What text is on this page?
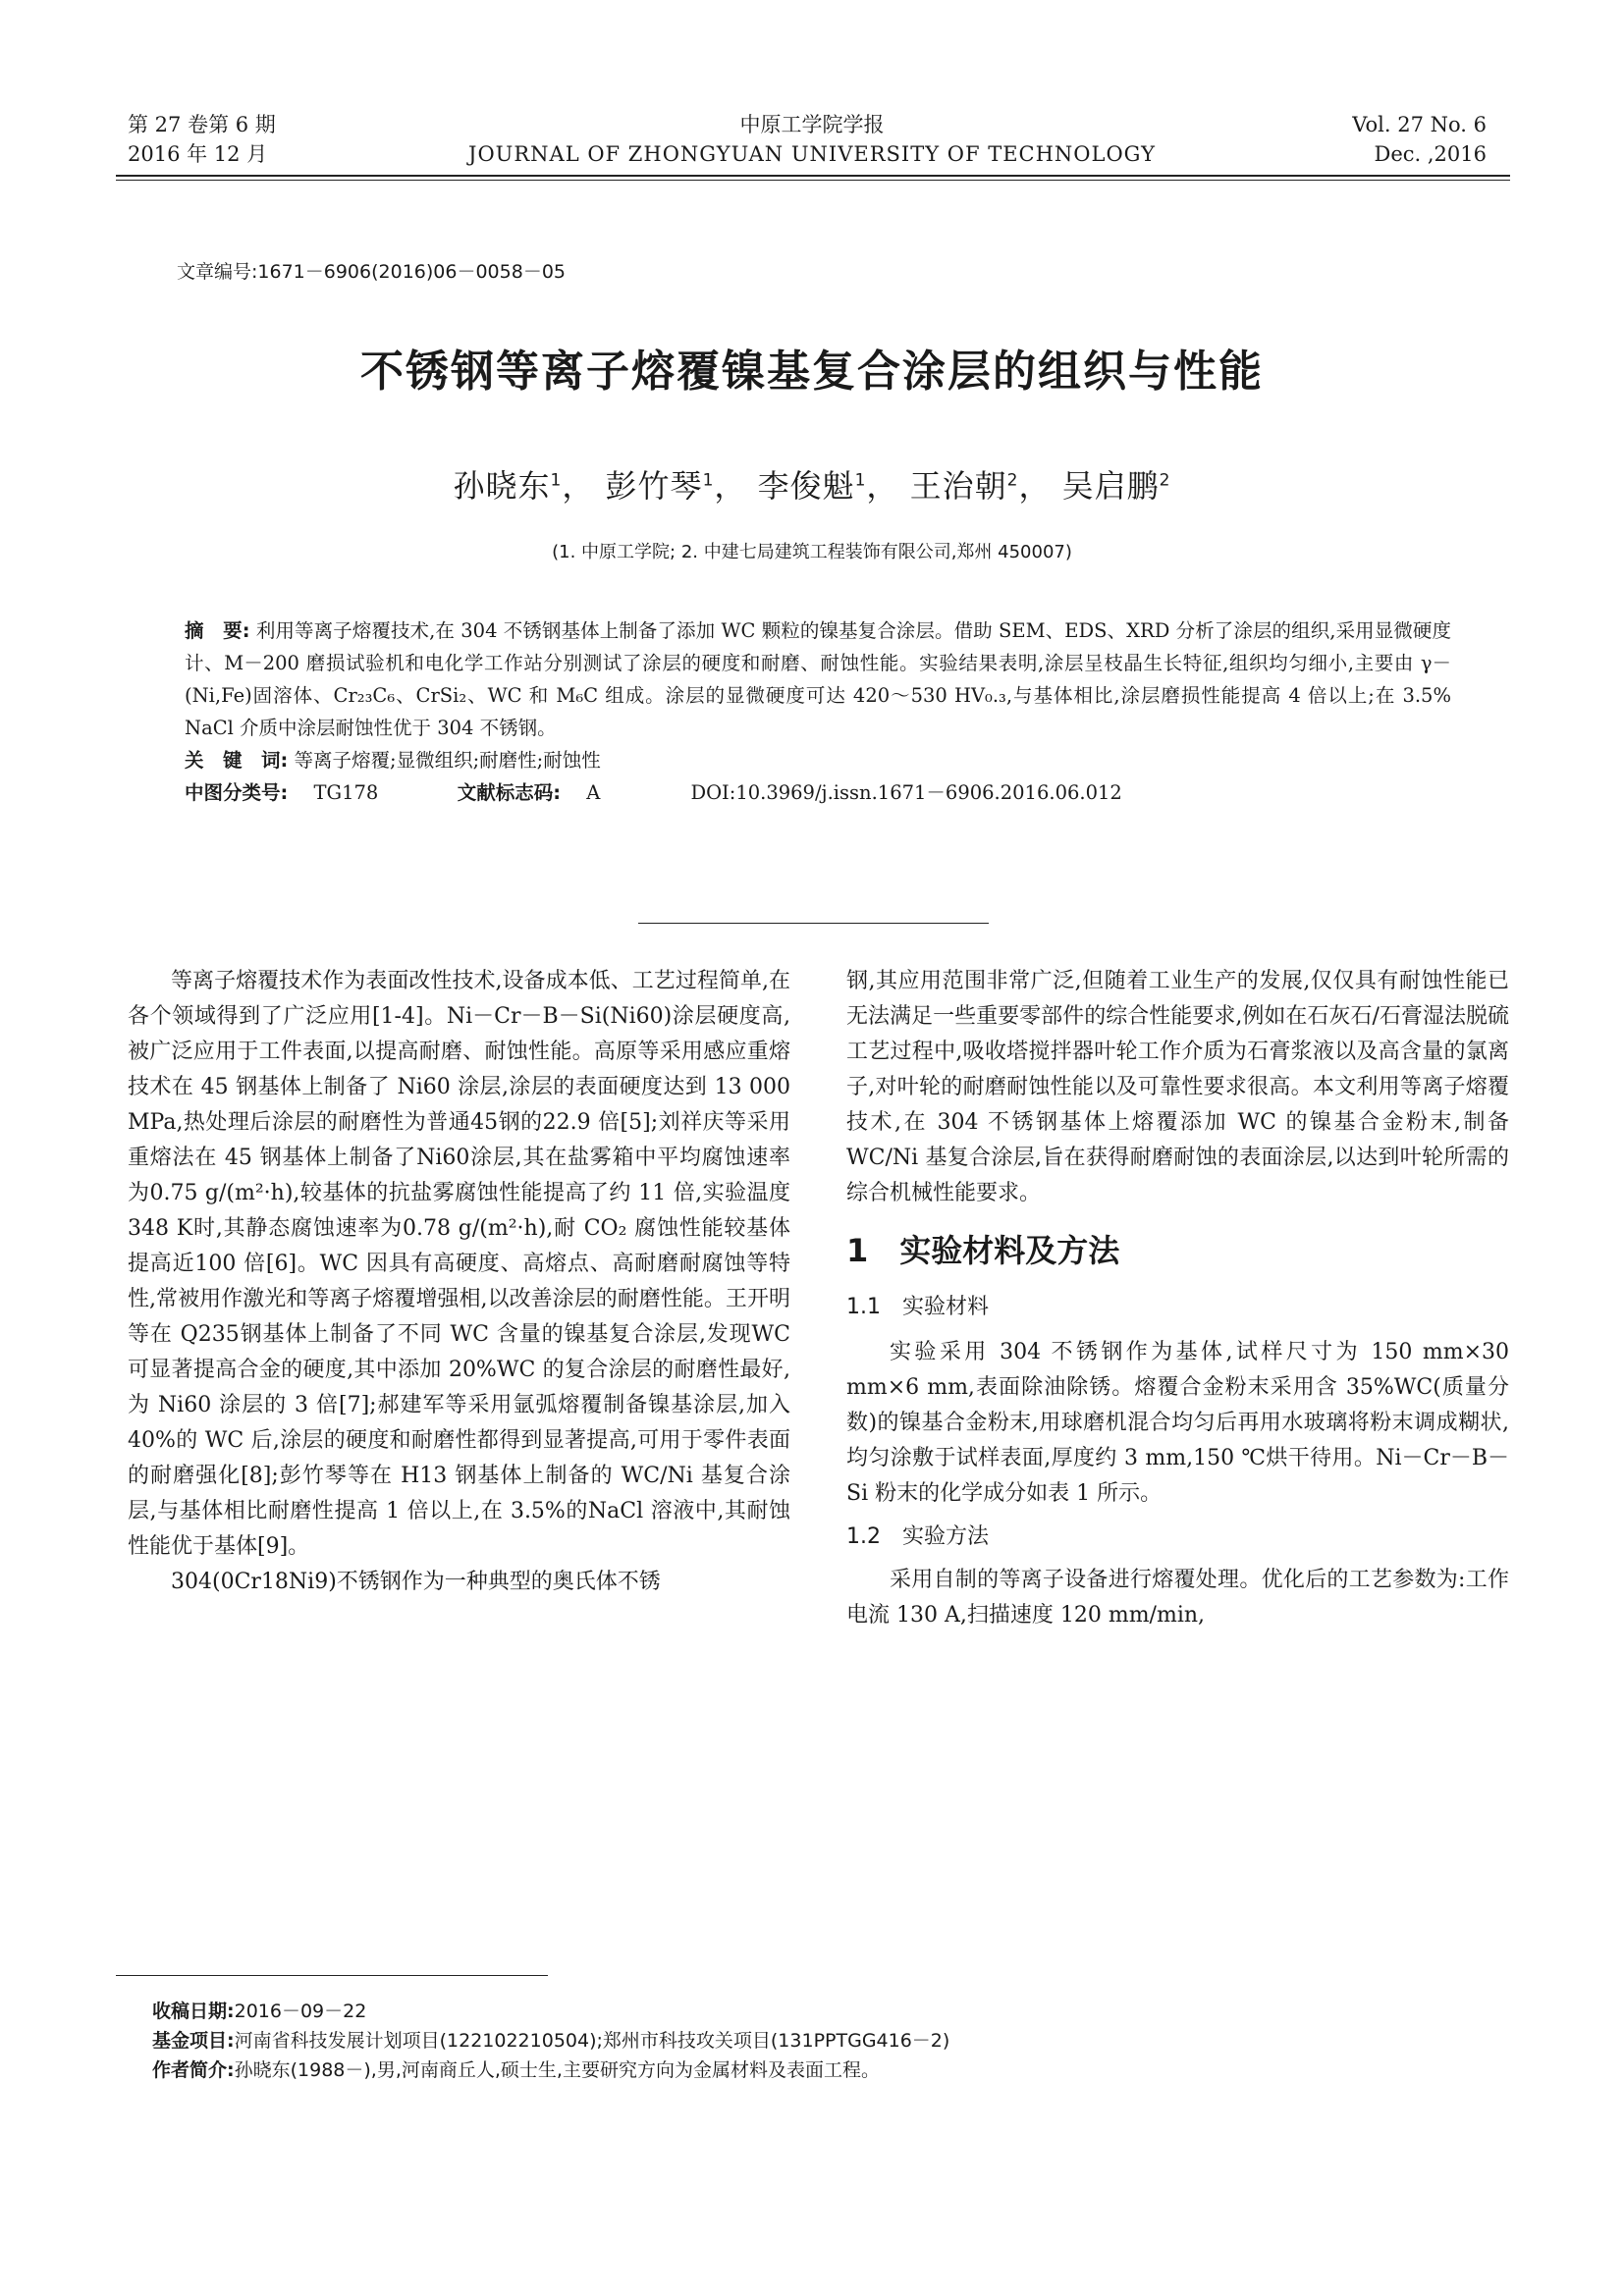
第 27 卷第 6 期
2016 年 12 月
中原工学院学报
JOURNAL OF ZHONGYUAN UNIVERSITY OF TECHNOLOGY
Vol. 27 No. 6
Dec. ,2016
文章编号:1671－6906(2016)06－0058－05
不锈钢等离子熔覆镍基复合涂层的组织与性能
孙晓东$^1$， 彭竹琴$^1$， 李俊魁$^1$， 王治朝$^2$， 吴启鹏$^2$
(1. 中原工学院; 2. 中建七局建筑工程装饰有限公司,郑州 450007)

摘　要: 利用等离子熔覆技术,在 304 不锈钢基体上制备了添加 WC 颗粒的镍基复合涂层。借助 SEM、EDS、XRD 分析了涂层的组织,采用显微硬度计、M－200 磨损试验机和电化学工作站分别测试了涂层的硬度和耐磨、耐蚀性能。实验结果表明,涂层呈枝晶生长特征,组织均匀细小,主要由 γ－(Ni,Fe)固溶体、Cr₂₃C₆、CrSi₂、WC 和 M₆C 组成。涂层的显微硬度可达 420～530 HV₀.₃,与基体相比,涂层磨损性能提高 4 倍以上;在 3.5% NaCl 介质中涂层耐蚀性优于 304 不锈钢。

关　键　词: 等离子熔覆;显微组织;耐磨性;耐蚀性

中图分类号: TG178	文献标志码: A	DOI:10.3969/j.issn.1671－6906.2016.06.012

等离子熔覆技术作为表面改性技术,设备成本低、工艺过程简单,在各个领域得到了广泛应用[1-4]。Ni－Cr－B－Si(Ni60)涂层硬度高,被广泛应用于工件表面,以提高耐磨、耐蚀性能。高原等采用感应重熔技术在 45 钢基体上制备了 Ni60 涂层,涂层的表面硬度达到 13 000 MPa,热处理后涂层的耐磨性为普通45钢的22.9 倍[5];刘祥庆等采用重熔法在 45 钢基体上制备了Ni60涂层,其在盐雾箱中平均腐蚀速率为0.75 g/(m²·h),较基体的抗盐雾腐蚀性能提高了约 11 倍,实验温度348 K时,其静态腐蚀速率为0.78 g/(m²·h),耐 CO₂ 腐蚀性能较基体提高近100 倍[6]。WC 因具有高硬度、高熔点、高耐磨耐腐蚀等特性,常被用作激光和等离子熔覆增强相,以改善涂层的耐磨性能。王开明等在 Q235钢基体上制备了不同 WC 含量的镍基复合涂层,发现WC 可显著提高合金的硬度,其中添加 20%WC 的复合涂层的耐磨性最好,为 Ni60 涂层的 3 倍[7];郝建军等采用氩弧熔覆制备镍基涂层,加入 40%的 WC 后,涂层的硬度和耐磨性都得到显著提高,可用于零件表面的耐磨强化[8];彭竹琴等在 H13 钢基体上制备的 WC/Ni 基复合涂层,与基体相比耐磨性提高 1 倍以上,在 3.5%的NaCl 溶液中,其耐蚀性能优于基体[9]。

304(0Cr18Ni9)不锈钢作为一种典型的奥氏体不锈

钢,其应用范围非常广泛,但随着工业生产的发展,仅仅具有耐蚀性能已无法满足一些重要零部件的综合性能要求,例如在石灰石/石膏湿法脱硫工艺过程中,吸收塔搅拌器叶轮工作介质为石膏浆液以及高含量的氯离子,对叶轮的耐磨耐蚀性能以及可靠性要求很高。本文利用等离子熔覆技术,在 304 不锈钢基体上熔覆添加 WC 的镍基合金粉末,制备 WC/Ni 基复合涂层,旨在获得耐磨耐蚀的表面涂层,以达到叶轮所需的综合机械性能要求。

1　实验材料及方法
1.1　实验材料

实验采用 304 不锈钢作为基体,试样尺寸为 150 mm×30 mm×6 mm,表面除油除锈。熔覆合金粉末采用含 35%WC(质量分数)的镍基合金粉末,用球磨机混合均匀后再用水玻璃将粉末调成糊状,均匀涂敷于试样表面,厚度约 3 mm,150 ℃烘干待用。Ni－Cr－B－Si 粉末的化学成分如表 1 所示。

1.2　实验方法

采用自制的等离子设备进行熔覆处理。优化后的工艺参数为:工作电流 130 A,扫描速度 120 mm/min,

收稿日期:2016－09－22
基金项目:河南省科技发展计划项目(122102210504);郑州市科技攻关项目(131PPTGG416－2)
作者简介:孙晓东(1988－),男,河南商丘人,硕士生,主要研究方向为金属材料及表面工程。
